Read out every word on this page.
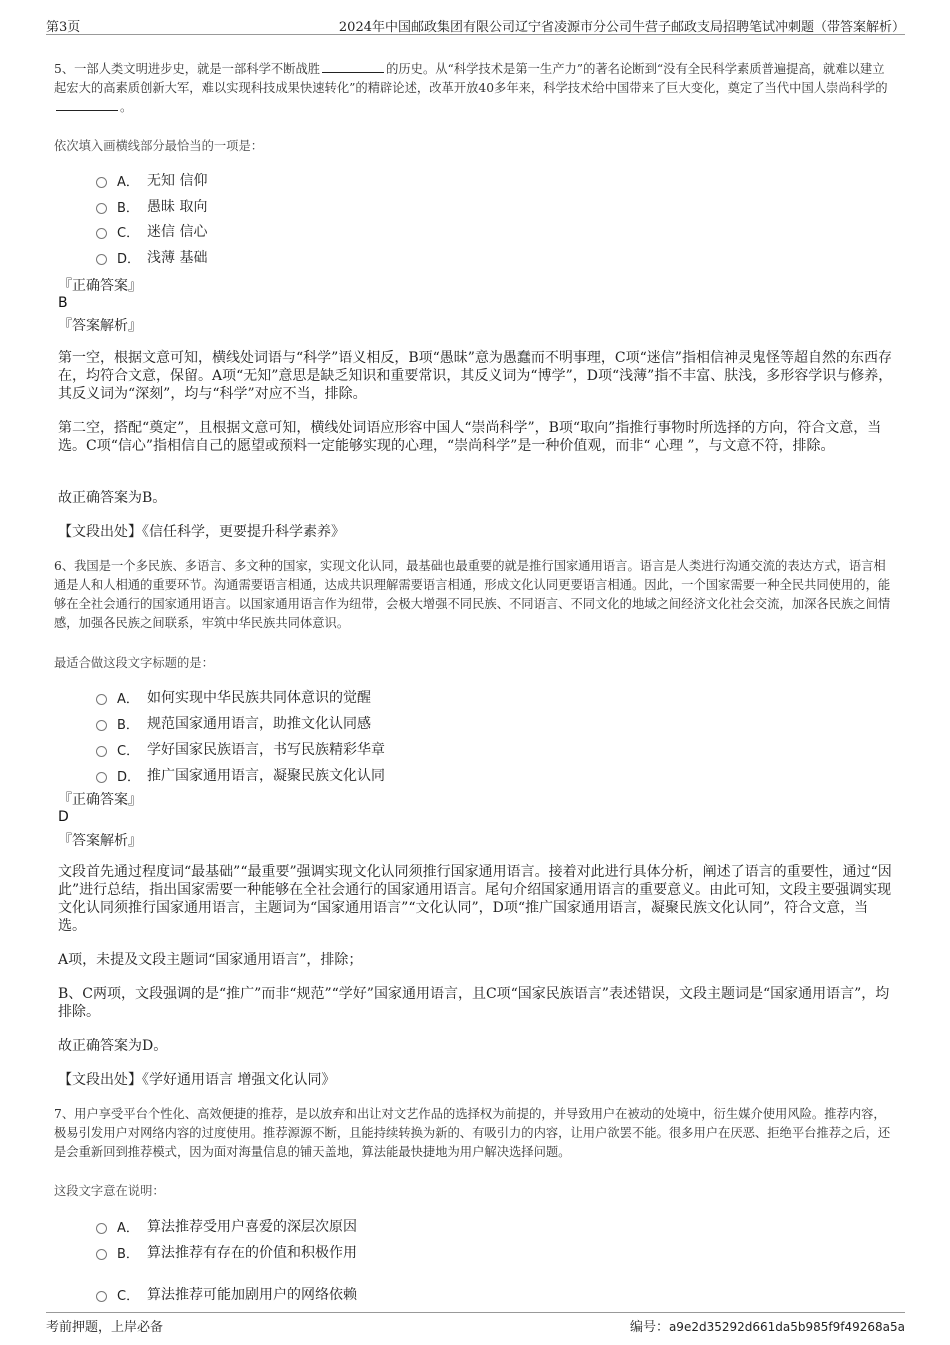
第3页	2024年中国邮政集团有限公司辽宁省凌源市分公司牛营子邮政支局招聘笔试冲刺题（带答案解析）
5、一部人类文明进步史，就是一部科学不断战胜	的历史。从“科学技术是第一生产力”的著名论断到“没有全民科学素质普遍提高，就难以建立起宏大的高素质创新大军，难以实现科技成果快速转化”的精辟论述，改革开放40多年来，科学技术给中国带来了巨大变化，奠定了当代中国人崇尚科学的。
依次填入画横线部分最恰当的一项是：
A． 无知 信仰
B． 愚昧 取向
C． 迷信 信心
D． 浅薄 基础
『正确答案』
B
『答案解析』
第一空，根据文意可知，横线处词语与“科学”语义相反，B项“愚昧”意为愚蠢而不明事理，C项“迷信”指相信神灵鬼怪等超自然的东西存在，均符合文意，保留。A项“无知”意思是缺乏知识和重要常识，其反义词为“博学”，D项“浅薄”指不丰富、肤浅，多形容学识与修养，其反义词为“深刻”，均与“科学”对应不当，排除。
第二空，搭配“奠定”，且根据文意可知，横线处词语应形容中国人“崇尚科学”，B项“取向”指推行事物时所选择的方向，符合文意，当选。C项“信心”指相信自己的愿望或预料一定能够实现的心理，“崇尚科学”是一种价值观，而非“ 心理 ”，与文意不符，排除。
故正确答案为B。
【文段出处】《信任科学，更要提升科学素养》
6、我国是一个多民族、多语言、多文种的国家，实现文化认同，最基础也最重要的就是推行国家通用语言。语言是人类进行沟通交流的表达方式，语言相通是人和人相通的重要环节。沟通需要语言相通，达成共识理解需要语言相通，形成文化认同更要语言相通。因此，一个国家需要一种全民共同使用的，能够在全社会通行的国家通用语言。以国家通用语言作为纽带，会极大增强不同民族、不同语言、不同文化的地域之间经济文化社会交流，加深各民族之间情感，加强各民族之间联系，牢筑中华民族共同体意识。
最适合做这段文字标题的是：
A． 如何实现中华民族共同体意识的觉醒
B． 规范国家通用语言，助推文化认同感
C． 学好国家民族语言，书写民族精彩华章
D． 推广国家通用语言，凝聚民族文化认同
『正确答案』
D
『答案解析』
文段首先通过程度词“最基础”“最重要”强调实现文化认同须推行国家通用语言。接着对此进行具体分析，阐述了语言的重要性，通过“因此”进行总结，指出国家需要一种能够在全社会通行的国家通用语言。尾句介绍国家通用语言的重要意义。由此可知，文段主要强调实现文化认同须推行国家通用语言，主题词为“国家通用语言”“文化认同”，D项“推广国家通用语言，凝聚民族文化认同”，符合文意，当选。
A项，未提及文段主题词“国家通用语言”，排除；
B、C两项，文段强调的是“推广”而非“规范”“学好”国家通用语言，且C项“国家民族语言”表述错误，文段主题词是“国家通用语言”，均排除。
故正确答案为D。
【文段出处】《学好通用语言 增强文化认同》
7、用户享受平台个性化、高效便捷的推荐，是以放弃和出让对文艺作品的选择权为前提的，并导致用户在被动的处境中，衍生媒介使用风险。推荐内容，极易引发用户对网络内容的过度使用。推荐源源不断，且能持续转换为新的、有吸引力的内容，让用户欲罢不能。很多用户在厌恶、拒绝平台推荐之后，还是会重新回到推荐模式，因为面对海量信息的铺天盖地，算法能最快捷地为用户解决选择问题。
这段文字意在说明：
A． 算法推荐受用户喜爱的深层次原因
B． 算法推荐有存在的价值和积极作用
C． 算法推荐可能加剧用户的网络依赖
考前押题，上岸必备	编号：a9e2d35292d661da5b985f9f49268a5a
